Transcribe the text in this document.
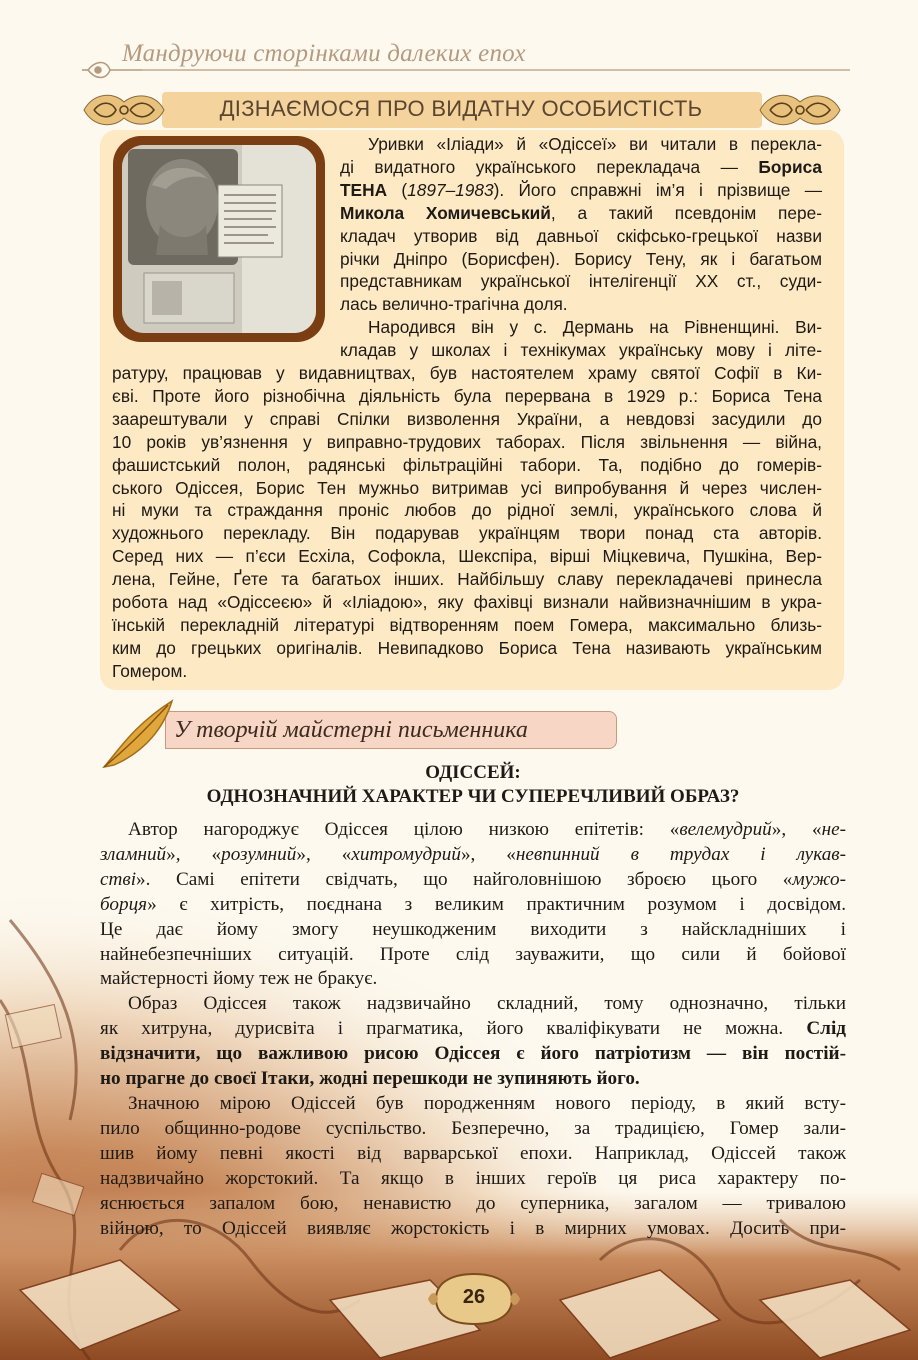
Мандруючи сторінками далеких епох
ДІЗНАЄМОСЯ ПРО ВИДАТНУ ОСОБИСТІСТЬ
Уривки «Іліади» й «Одіссеї» ви читали в перекла-
ді видатного українського перекладача — Бориса
ТЕНА (1897–1983). Його справжні ім’я і прізвище —
Микола Хомичевський, а такий псевдонім пере-
кладач утворив від давньої скіфсько-грецької назви
річки Дніпро (Борисфен). Борису Тену, як і багатьом
представникам української інтелігенції XX ст., суди-
лась велично-трагічна доля.
Народився він у с. Дермань на Рівненщині. Ви-
кладав у школах і технікумах українську мову і літе-
ратуру, працював у видавництвах, був настоятелем храму святої Софії в Ки-
єві. Проте його різнобічна діяльність була перервана в 1929 р.: Бориса Тена
заарештували у справі Спілки визволення України, а невдовзі засудили до
10 років ув’язнення у виправно-трудових таборах. Після звільнення — війна,
фашистський полон, радянські фільтраційні табори. Та, подібно до гомерів-
ського Одіссея, Борис Тен мужньо витримав усі випробування й через числен-
ні муки та страждання проніс любов до рідної землі, українського слова й
художнього перекладу. Він подарував українцям твори понад ста авторів.
Серед них — п’єси Есхіла, Софокла, Шекспіра, вірші Міцкевича, Пушкіна, Вер-
лена, Гейне, Ґете та багатьох інших. Найбільшу славу перекладачеві принесла
робота над «Одіссеєю» й «Іліадою», яку фахівці визнали найвизначнішим в укра-
їнській перекладній літературі відтворенням поем Гомера, максимально близь-
ким до грецьких оригіналів. Невипадково Бориса Тена називають українським
Гомером.
У творчій майстерні письменника
ОДІССЕЙ:
ОДНОЗНАЧНИЙ ХАРАКТЕР ЧИ СУПЕРЕЧЛИВИЙ ОБРАЗ?
Автор нагороджує Одіссея цілою низкою епітетів: «велемудрий», «не-
зламний», «розумний», «хитромудрий», «невпинний в трудах і лукав-
стві». Самі епітети свідчать, що найголовнішою зброєю цього «мужо-
борця» є хитрість, поєднана з великим практичним розумом і досвідом.
Це дає йому змогу неушкодженим виходити з найскладніших і
найнебезпечніших ситуацій. Проте слід зауважити, що сили й бойової
майстерності йому теж не бракує.
Образ Одіссея також надзвичайно складний, тому однозначно, тільки
як хитруна, дурисвіта і прагматика, його кваліфікувати не можна. Слід
відзначити, що важливою рисою Одіссея є його патріотизм — він постій-
но прагне до своєї Ітаки, жодні перешкоди не зупиняють його.
Значною мірою Одіссей був породженням нового періоду, в який всту-
пило общинно-родове суспільство. Безперечно, за традицією, Гомер зали-
шив йому певні якості від варварської епохи. Наприклад, Одіссей також
надзвичайно жорстокий. Та якщо в інших героїв ця риса характеру по-
яснюється запалом бою, ненавистю до суперника, загалом — тривалою
війною, то Одіссей виявляє жорстокість і в мирних умовах. Досить при-
26
